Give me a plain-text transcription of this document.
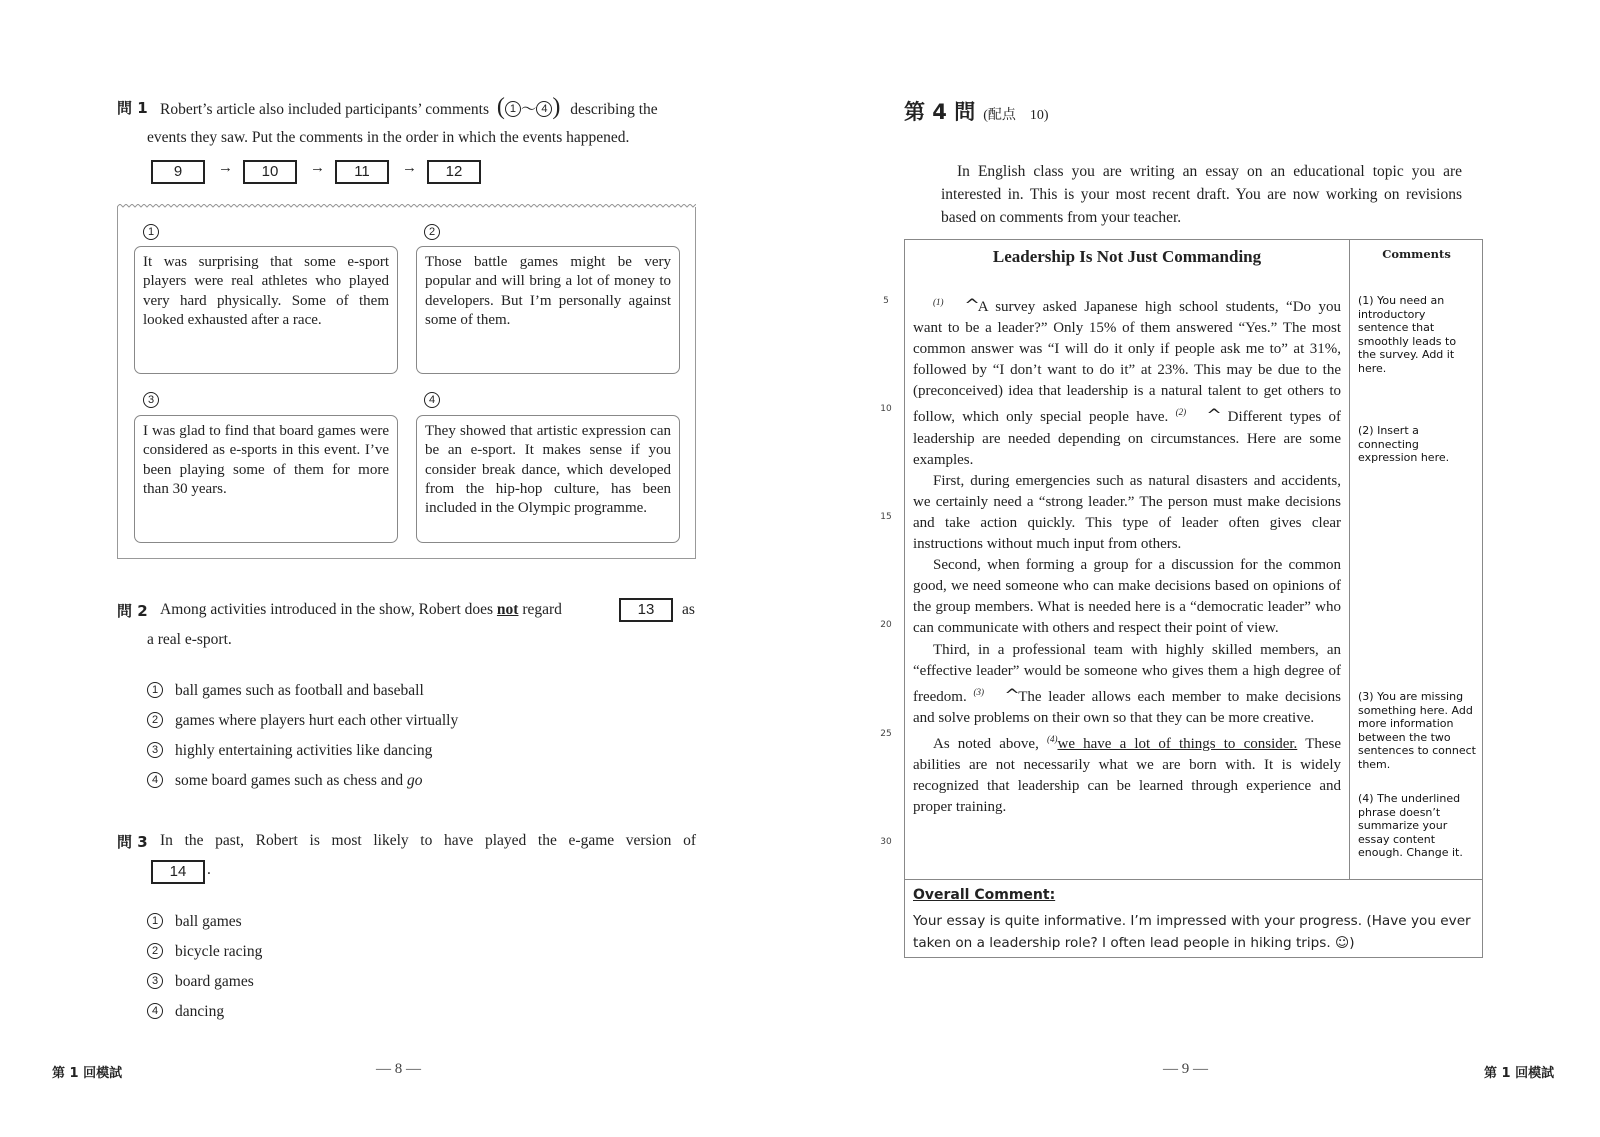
問 1 Robert’s article also included participants’ comments ( 1 〜 4 ) describing the
events they saw. Put the comments in the order in which the events happened.
9	→	10	→	11	→	12
1
It was surprising that some e-sport players were real athletes who played very hard physically. Some of them looked exhausted after a race.
2
Those battle games might be very popular and will bring a lot of money to developers. But I’m personally against some of them.
3
I was glad to find that board games were considered as e-sports in this event. I’ve been playing some of them for more than 30 years.
4
They showed that artistic expression can be an e-sport. It makes sense if you consider break dance, which developed from the hip-hop culture, has been included in the Olympic programme.
問 2 Among activities introduced in the show, Robert does not regard	13	as
a real e-sport.
1 ball games such as football and baseball
2 games where players hurt each other virtually
3 highly entertaining activities like dancing
4 some board games such as chess and go
問 3 In the past, Robert is most likely to have played the e-game version of
14	.
1 ball games
2 bicycle racing
3 board games
4 dancing
第 1 回模試	— 8 —
第 4 問 (配点　10)
In English class you are writing an essay on an educational topic you are interested in. This is your most recent draft. You are now working on revisions based on comments from your teacher.
Leadership Is Not Just Commanding	Comments
5
10
15
20
25
30

$^{(1)}$ ^A survey asked Japanese high school students, “Do you want to be a leader?” Only 15% of them answered “Yes.” The most common answer was “I will do it only if people ask me to” at 31%, followed by “I don’t want to do it” at 23%. This may be due to the (preconceived) idea that leadership is a natural talent to get others to follow, which only special people have. $^{(2)}$ ^ Different types of leadership are needed depending on circumstances. Here are some examples.

First, during emergencies such as natural disasters and accidents, we certainly need a “strong leader.” The person must make decisions and take action quickly. This type of leader often gives clear instructions without much input from others.

Second, when forming a group for a discussion for the common good, we need someone who can make decisions based on opinions of the group members. What is needed here is a “democratic leader” who can communicate with others and respect their point of view.

Third, in a professional team with highly skilled members, an “effective leader” would be someone who gives them a high degree of freedom. $^{(3)}$ ^The leader allows each member to make decisions and solve problems on their own so that they can be more creative.

As noted above, $^{(4)}$we have a lot of things to consider. These abilities are not necessarily what we are born with. It is widely recognized that leadership can be learned through experience and proper training.

(1) You need an introductory sentence that smoothly leads to the survey. Add it here.
(2) Insert a connecting expression here.
(3) You are missing something here. Add more information between the two sentences to connect them.
(4) The underlined phrase doesn’t summarize your essay content enough. Change it.
Overall Comment:
Your essay is quite informative. I’m impressed with your progress. (Have you ever taken on a leadership role? I often lead people in hiking trips. ☺)
— 9 —	第 1 回模試
